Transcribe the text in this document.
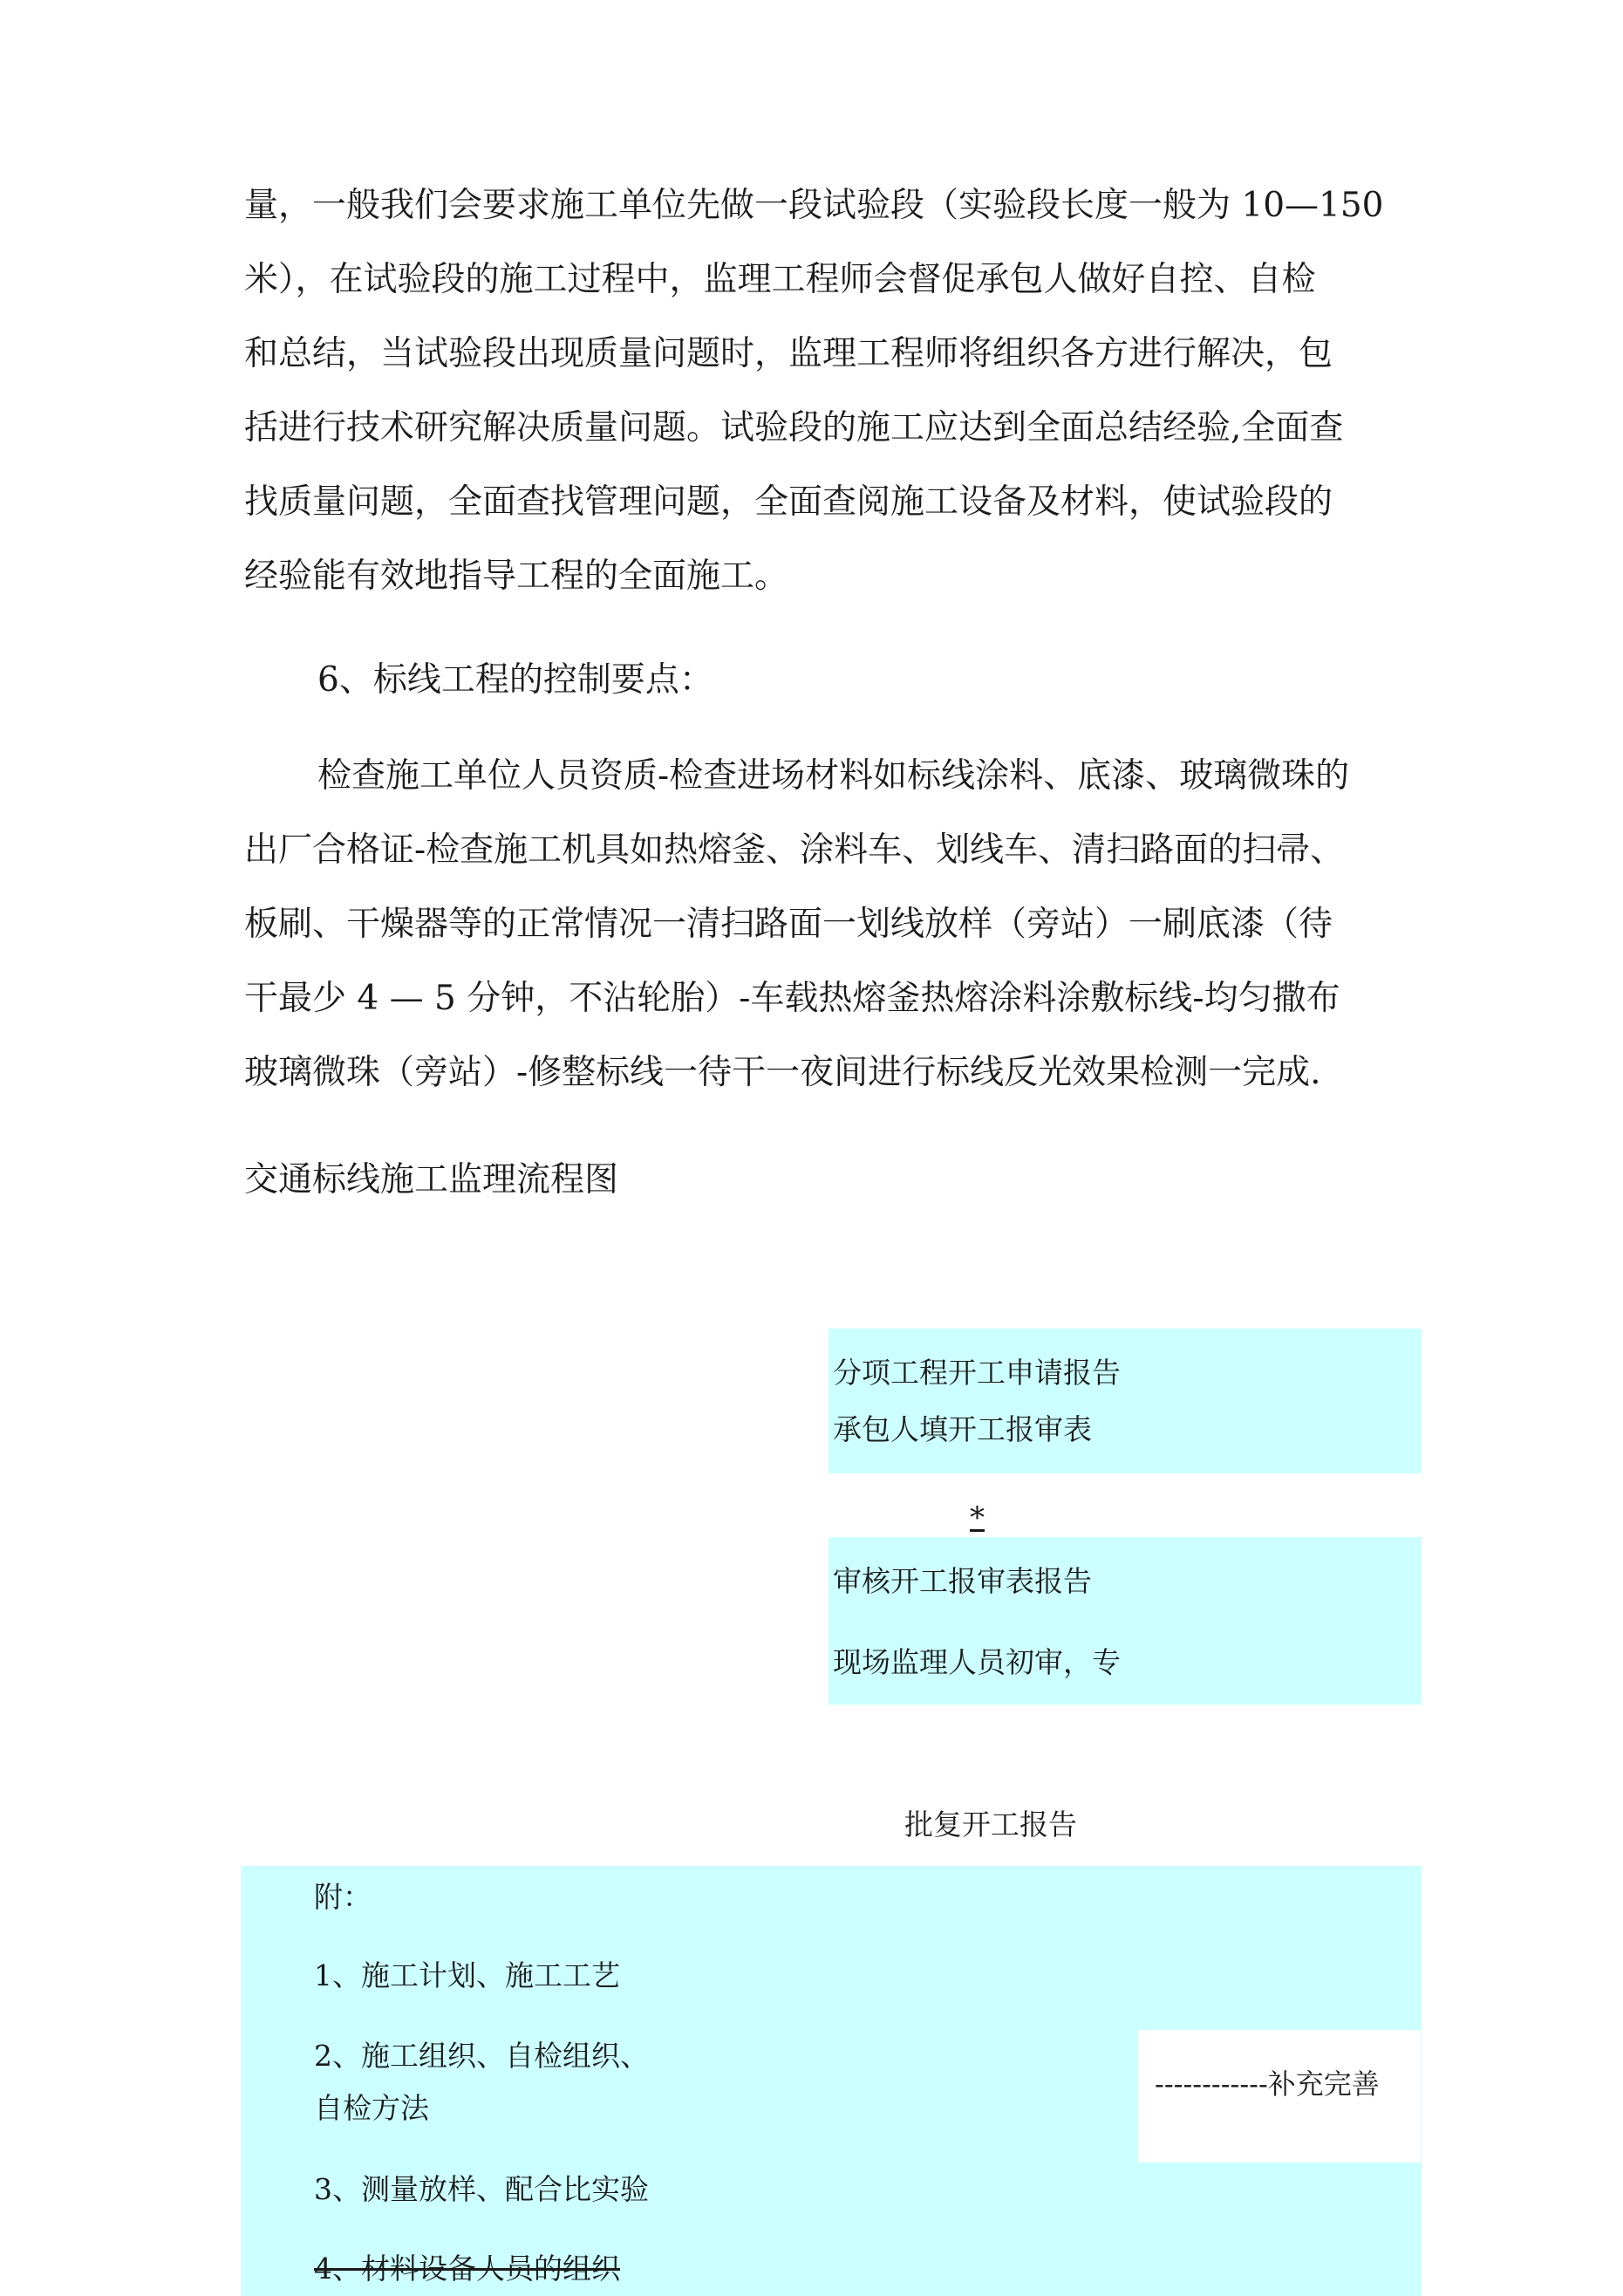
量，一般我们会要求施工单位先做一段试验段（实验段长度一般为 10—150
米），在试验段的施工过程中，监理工程师会督促承包人做好自控、自检
和总结，当试验段出现质量问题时，监理工程师将组织各方进行解决，包
括进行技术研究解决质量问题。试验段的施工应达到全面总结经验,全面查
找质量问题，全面查找管理问题，全面查阅施工设备及材料，使试验段的
经验能有效地指导工程的全面施工。
6、标线工程的控制要点：
检查施工单位人员资质-检查进场材料如标线涂料、底漆、玻璃微珠的
出厂合格证-检查施工机具如热熔釜、涂料车、划线车、清扫路面的扫帚、
板刷、干燥器等的正常情况一清扫路面一划线放样（旁站）一刷底漆（待
干最少 4 — 5 分钟，不沾轮胎）-车载热熔釜热熔涂料涂敷标线-均匀撒布
玻璃微珠（旁站）-修整标线一待干一夜间进行标线反光效果检测一完成.
交通标线施工监理流程图
分项工程开工申请报告
承包人填开工报审表
*
审核开工报审表报告
现场监理人员初审，专
批复开工报告
附：
1、施工计划、施工工艺
2、施工组织、自检组织、
自检方法
3、测量放样、配合比实验
4、材料设备人员的组织
------------补充完善
